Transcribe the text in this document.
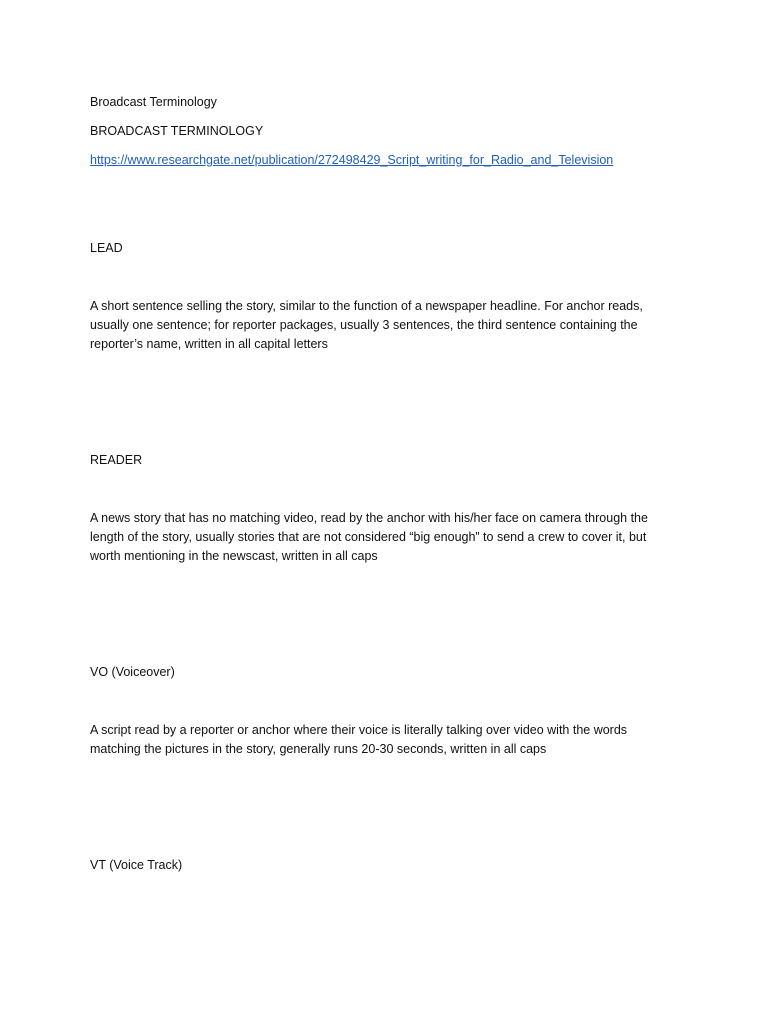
Broadcast Terminology
BROADCAST TERMINOLOGY
https://www.researchgate.net/publication/272498429_Script_writing_for_Radio_and_Television
LEAD
A short sentence selling the story, similar to the function of a newspaper headline. For anchor reads,
usually one sentence; for reporter packages, usually 3 sentences, the third sentence containing the
reporter’s name, written in all capital letters
READER
A news story that has no matching video, read by the anchor with his/her face on camera through the
length of the story, usually stories that are not considered “big enough” to send a crew to cover it, but
worth mentioning in the newscast, written in all caps
VO (Voiceover)
A script read by a reporter or anchor where their voice is literally talking over video with the words
matching the pictures in the story, generally runs 20-30 seconds, written in all caps
VT (Voice Track)
